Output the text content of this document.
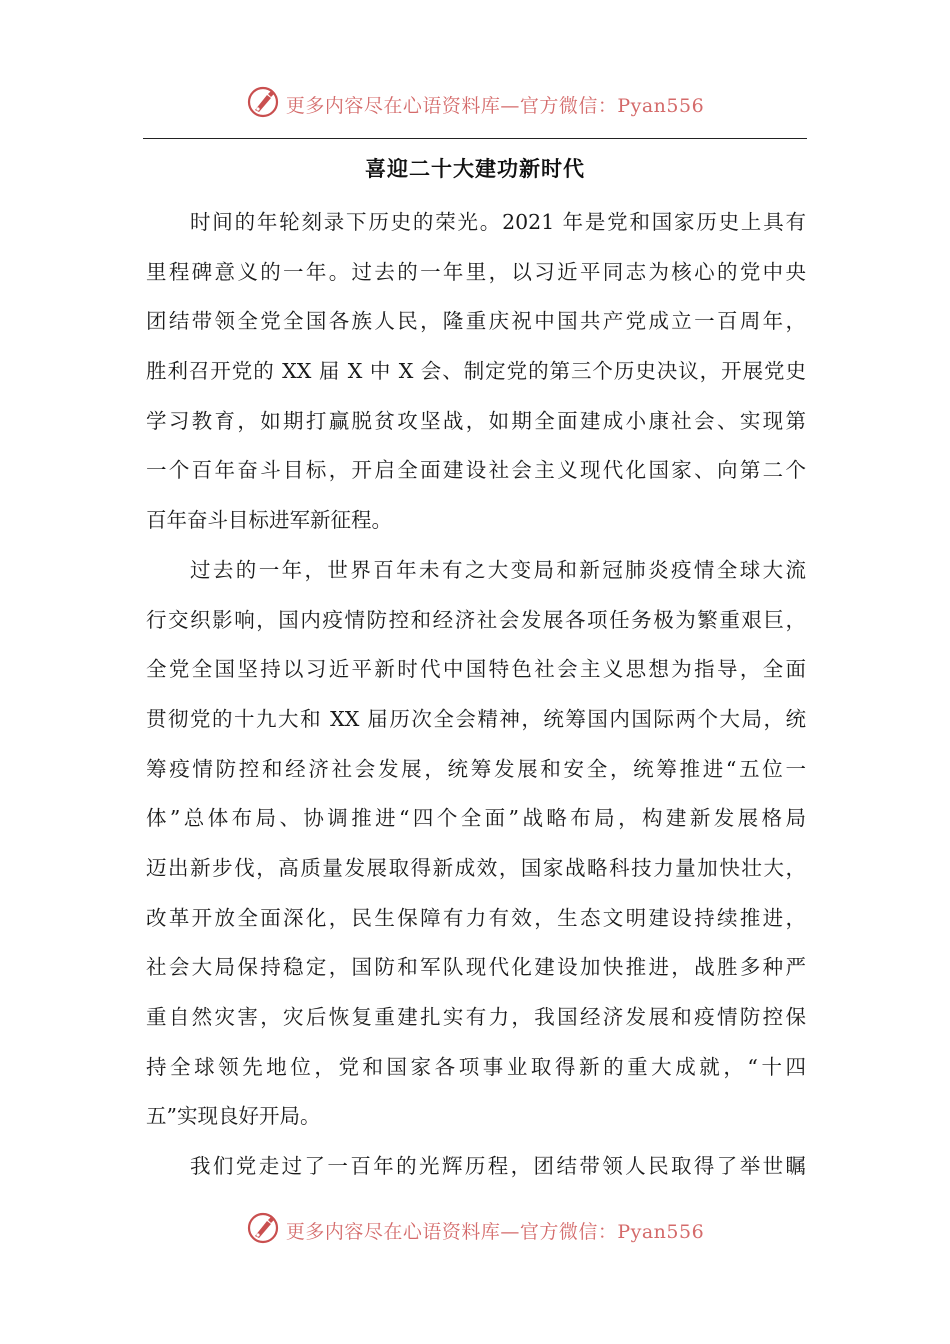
更多内容尽在心语资料库—官方微信：Pyan556
喜迎二十大建功新时代
时间的年轮刻录下历史的荣光。2021 年是党和国家历史上具有
里程碑意义的一年。过去的一年里，以习近平同志为核心的党中央
团结带领全党全国各族人民，隆重庆祝中国共产党成立一百周年，
胜利召开党的 XX 届 X 中 X 会、制定党的第三个历史决议，开展党史
学习教育，如期打赢脱贫攻坚战，如期全面建成小康社会、实现第
一个百年奋斗目标，开启全面建设社会主义现代化国家、向第二个
百年奋斗目标进军新征程。
过去的一年，世界百年未有之大变局和新冠肺炎疫情全球大流
行交织影响，国内疫情防控和经济社会发展各项任务极为繁重艰巨，
全党全国坚持以习近平新时代中国特色社会主义思想为指导，全面
贯彻党的十九大和 XX 届历次全会精神，统筹国内国际两个大局，统
筹疫情防控和经济社会发展，统筹发展和安全，统筹推进“五位一
体”总体布局、协调推进“四个全面”战略布局，构建新发展格局
迈出新步伐，高质量发展取得新成效，国家战略科技力量加快壮大，
改革开放全面深化，民生保障有力有效，生态文明建设持续推进，
社会大局保持稳定，国防和军队现代化建设加快推进，战胜多种严
重自然灾害，灾后恢复重建扎实有力，我国经济发展和疫情防控保
持全球领先地位，党和国家各项事业取得新的重大成就，“十四
五”实现良好开局。
我们党走过了一百年的光辉历程，团结带领人民取得了举世瞩
更多内容尽在心语资料库—官方微信：Pyan556
